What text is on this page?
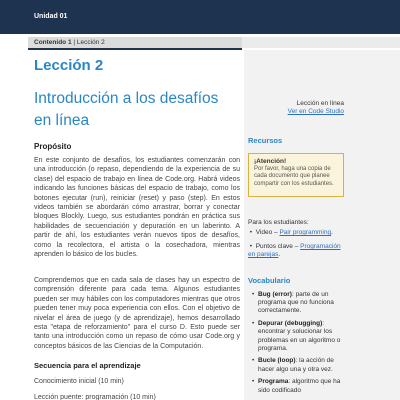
Unidad 01
Contenido 1 | Lección 2
Lección 2
Introducción a los desafíos en línea
Propósito

En este conjunto de desafíos, los estudiantes comenzarán con una introducción (o repaso, dependiendo de la experiencia de su clase) del espacio de trabajo en línea de Code.org. Habrá videos indicando las funciones básicas del espacio de trabajo, como los botones ejecutar (run), reiniciar (reset) y paso (step). En estos videos también se abordarán cómo arrastrar, borrar y conectar bloques Blockly. Luego, sus estudiantes pondrán en práctica sus habilidades de secuenciación y depuración en un laberinto. A partir de ahí, los estudiantes verán nuevos tipos de desafíos, como la recolectora, el artista o la cosechadora, mientras aprenden lo básico de los bucles.

Comprendemos que en cada sala de clases hay un espectro de comprensión diferente para cada tema. Algunos estudiantes pueden ser muy hábiles con los computadores mientras que otros pueden tener muy poca experiencia con ellos. Con el objetivo de nivelar el área de juego (y de aprendizaje), hemos desarrollado esta "etapa de reforzamiento" para el curso D. Esto puede ser tanto una introducción como un repaso de cómo usar Code.org y conceptos básicos de las Ciencias de la Computación.

Secuencia para el aprendizaje
Conocimiento inicial (10 min)
Lección puente: programación (10 min)
Lección en línea
Ver en Code Studio
Recursos
¡Atención!
Por favor, haga una copia de cada documento que planee compartir con los estudiantes.
Para los estudiantes:
•  Video – Pair programming.
•  Puntos clave – Programación en parejas.
Vocabulario
• Bug (error): parte de un programa que no funciona correctamente.
• Depurar (debugging): encontrar y solucionar los problemas en un algoritmo o programa.
• Bucle (loop): la acción de hacer algo una y otra vez.
• Programa: algoritmo que ha sido codificado
